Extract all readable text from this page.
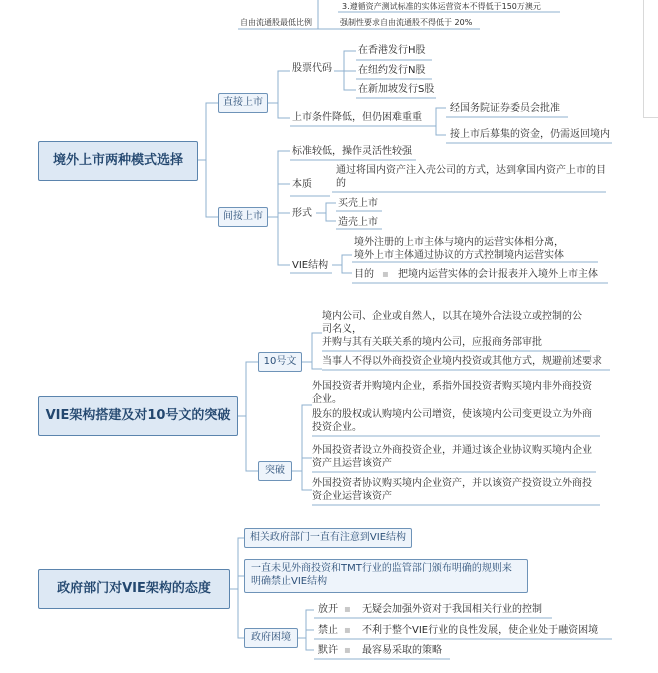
3.遵循资产测试标准的实体运营资本不得低于150万澳元
自由流通股最低比例	强制性要求自由流通股不得低于 20%
境外上市两种模式选择
直接上市
股票代码
在香港发行H股
在纽约发行N股
在新加坡发行S股
上市条件降低，但仍困难重重
经国务院证券委员会批准
接上市后募集的资金，仍需返回境内
间接上市
标准较低，操作灵活性较强
本质
通过将国内资产注入壳公司的方式，达到拿国内资产上市的目的
形式
买壳上市
造壳上市
VIE结构
境外注册的上市主体与境内的运营实体相分离，
境外上市主体通过协议的方式控制境内运营实体
目的 ▪ 把境内运营实体的会计报表并入境外上市主体
VIE架构搭建及对10号文的突破
10号文
境内公司、企业或自然人，以其在境外合法设立或控制的公司名义，
并购与其有关联关系的境内公司，应报商务部审批
当事人不得以外商投资企业境内投资或其他方式，规避前述要求
突破
外国投资者并购境内企业，系指外国投资者购买境内非外商投资企业。
股东的股权或认购境内公司增资，使该境内公司变更设立为外商投资企业。
外国投资者设立外商投资企业，并通过该企业协议购买境内企业资产且运营该资产
外国投资者协议购买境内企业资产，并以该资产投资设立外商投资企业运营该资产
政府部门对VIE架构的态度
相关政府部门一直有注意到VIE结构
一直未见外商投资和TMT行业的监管部门颁布明确的规则来明确禁止VIE结构
政府困境
放开 ▪ 无疑会加强外资对于我国相关行业的控制
禁止 ▪ 不利于整个VIE行业的良性发展，使企业处于融资困境
默许 ▪ 最容易采取的策略
